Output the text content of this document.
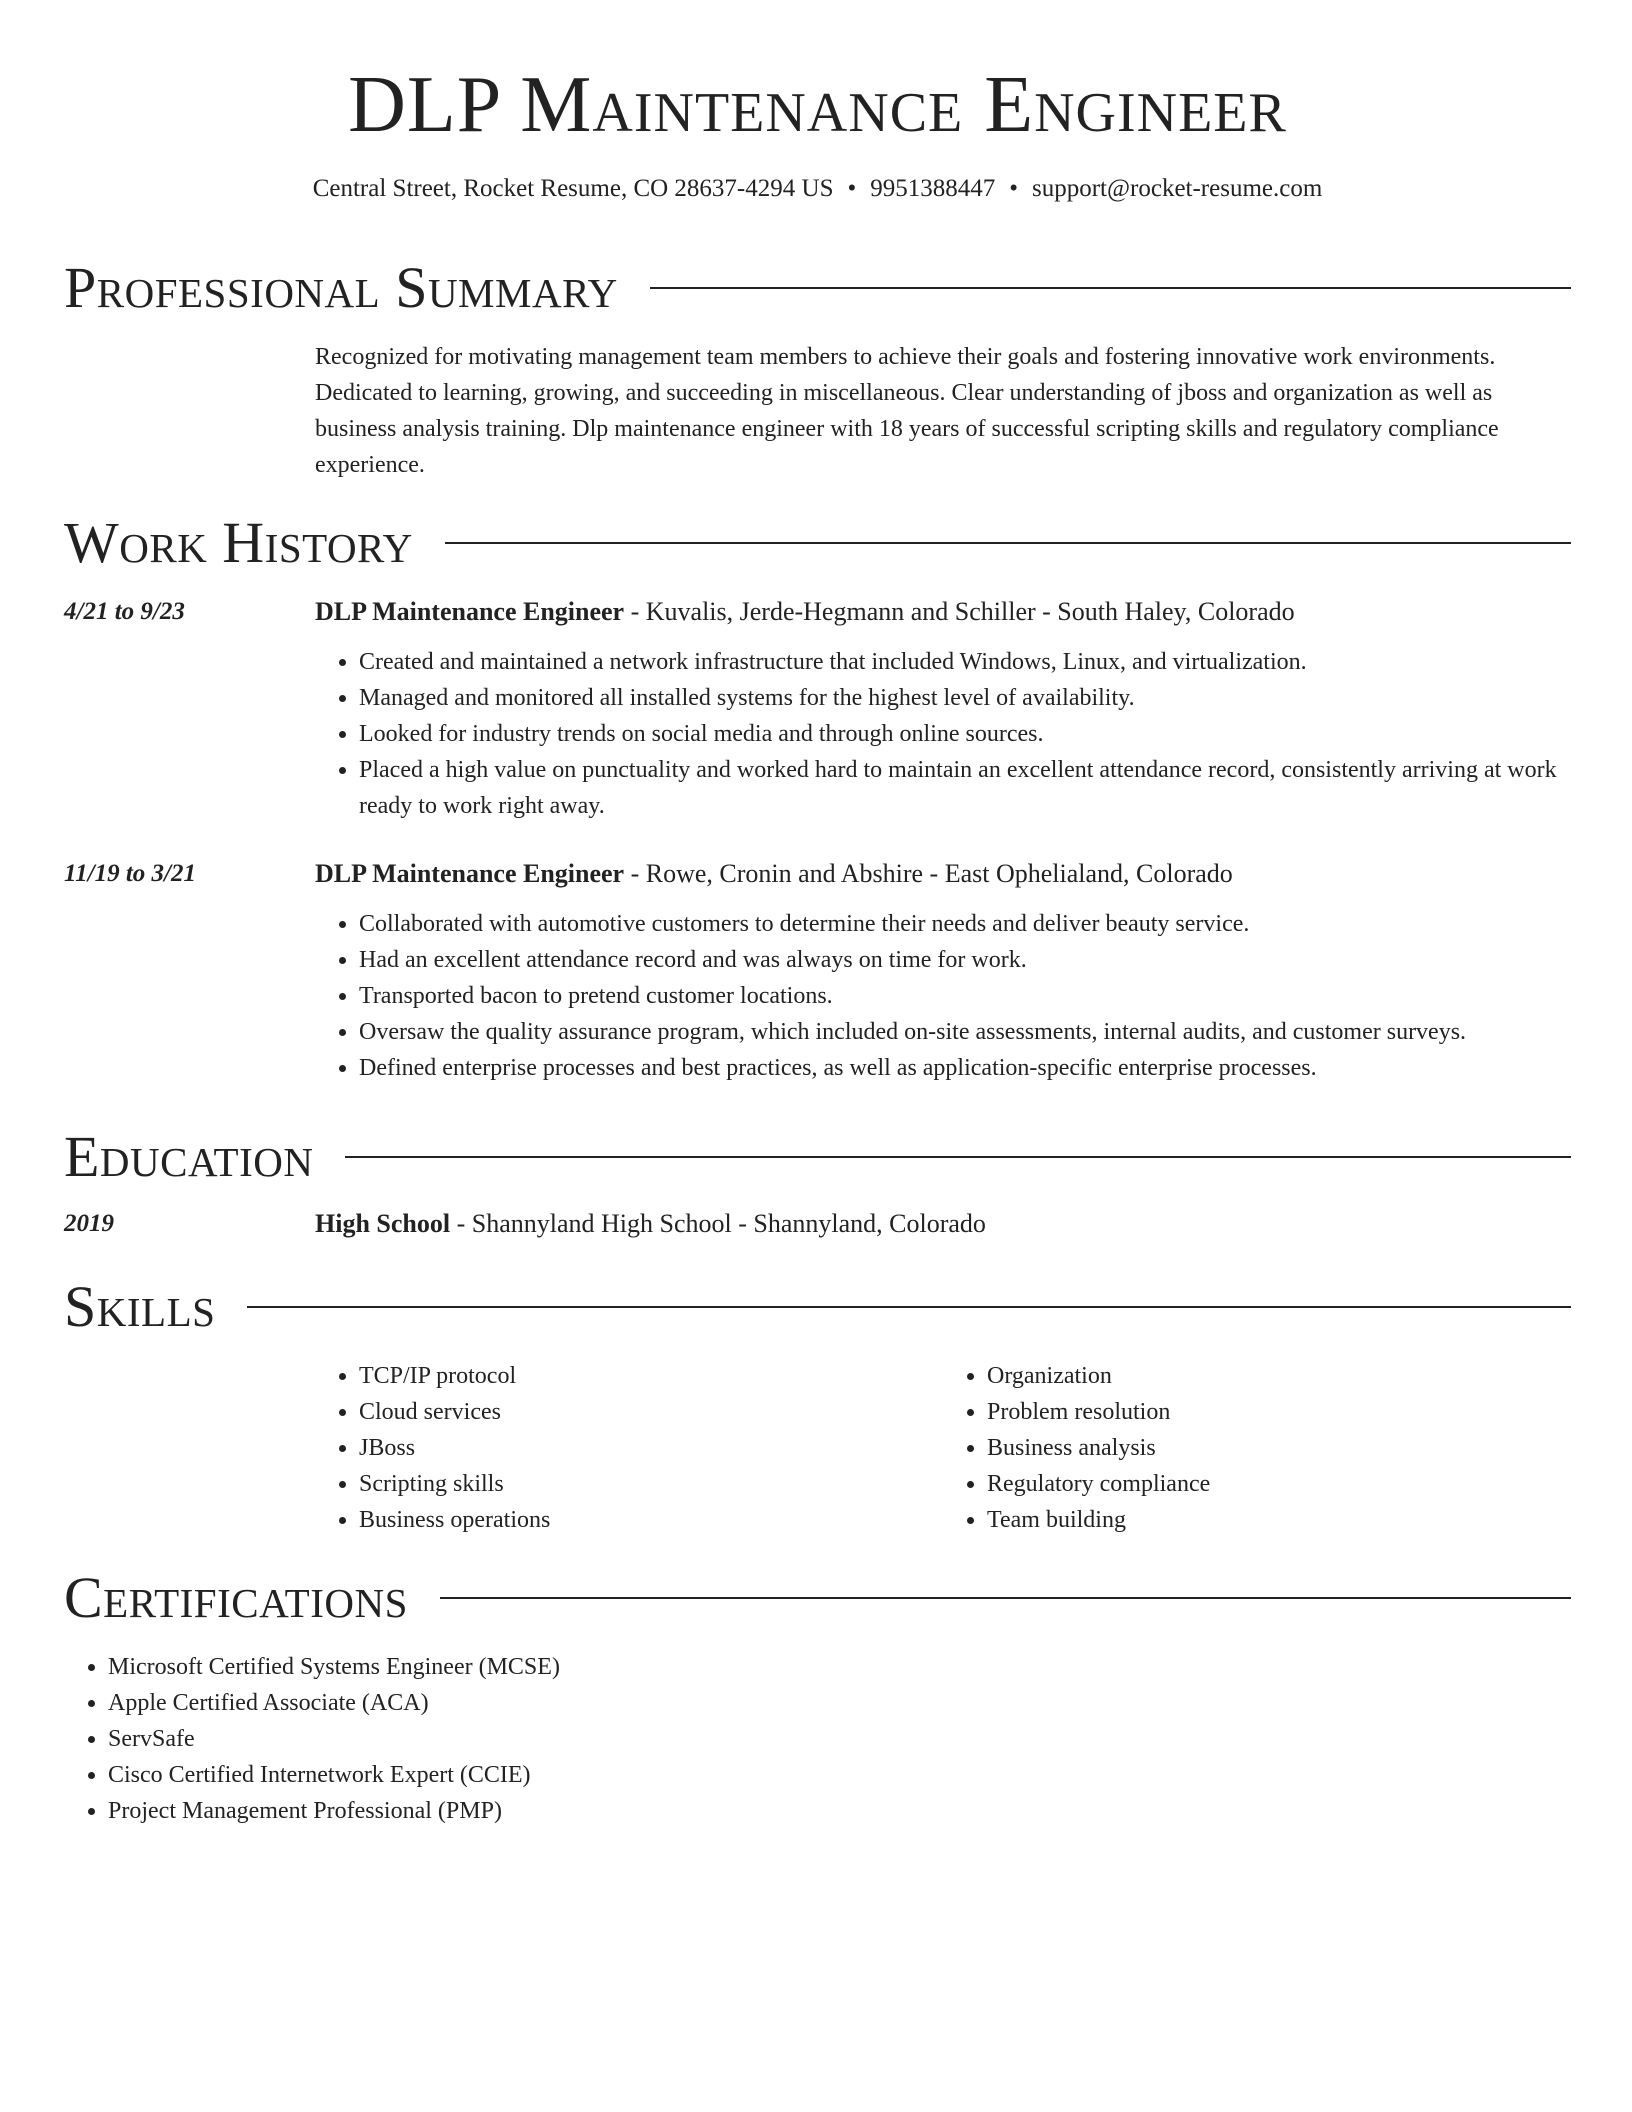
DLP Maintenance Engineer
Central Street, Rocket Resume, CO 28637-4294 US • 9951388447 • support@rocket-resume.com
Professional Summary
Recognized for motivating management team members to achieve their goals and fostering innovative work environments. Dedicated to learning, growing, and succeeding in miscellaneous. Clear understanding of jboss and organization as well as business analysis training. Dlp maintenance engineer with 18 years of successful scripting skills and regulatory compliance experience.
Work History
4/21 to 9/23	DLP Maintenance Engineer - Kuvalis, Jerde-Hegmann and Schiller - South Haley, Colorado
• Created and maintained a network infrastructure that included Windows, Linux, and virtualization.
• Managed and monitored all installed systems for the highest level of availability.
• Looked for industry trends on social media and through online sources.
• Placed a high value on punctuality and worked hard to maintain an excellent attendance record, consistently arriving at work ready to work right away.
11/19 to 3/21	DLP Maintenance Engineer - Rowe, Cronin and Abshire - East Ophelialand, Colorado
• Collaborated with automotive customers to determine their needs and deliver beauty service.
• Had an excellent attendance record and was always on time for work.
• Transported bacon to pretend customer locations.
• Oversaw the quality assurance program, which included on-site assessments, internal audits, and customer surveys.
• Defined enterprise processes and best practices, as well as application-specific enterprise processes.
Education
2019	High School - Shannyland High School - Shannyland, Colorado
Skills
• TCP/IP protocol
• Cloud services
• JBoss
• Scripting skills
• Business operations
• Organization
• Problem resolution
• Business analysis
• Regulatory compliance
• Team building
Certifications
• Microsoft Certified Systems Engineer (MCSE)
• Apple Certified Associate (ACA)
• ServSafe
• Cisco Certified Internetwork Expert (CCIE)
• Project Management Professional (PMP)
